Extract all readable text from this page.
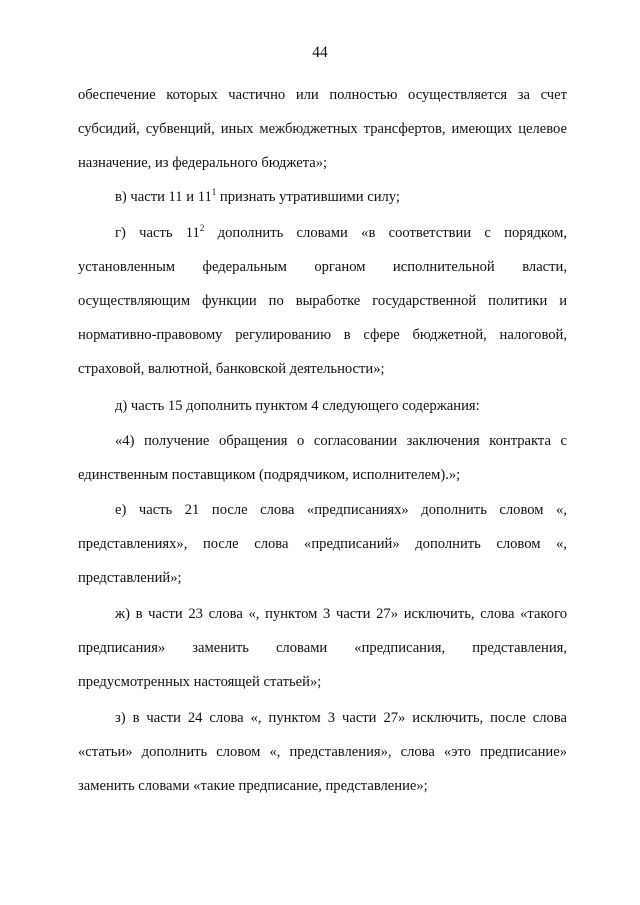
44
обеспечение которых частично или полностью осуществляется за счет субсидий, субвенций, иных межбюджетных трансфертов, имеющих целевое назначение, из федерального бюджета»;
в) части 11 и $11^1$ признать утратившими силу;
г) часть $11^2$ дополнить словами «в соответствии с порядком, установленным федеральным органом исполнительной власти, осуществляющим функции по выработке государственной политики и нормативно-правовому регулированию в сфере бюджетной, налоговой, страховой, валютной, банковской деятельности»;
д) часть 15 дополнить пунктом 4 следующего содержания:
«4) получение обращения о согласовании заключения контракта с единственным поставщиком (подрядчиком, исполнителем).»;
е) часть 21 после слова «предписаниях» дополнить словом «, представлениях», после слова «предписаний» дополнить словом «, представлений»;
ж) в части 23 слова «, пунктом 3 части 27» исключить, слова «такого предписания» заменить словами «предписания, представления, предусмотренных настоящей статьей»;
з) в части 24 слова «, пунктом 3 части 27» исключить, после слова «статьи» дополнить словом «, представления», слова «это предписание» заменить словами «такие предписание, представление»;
